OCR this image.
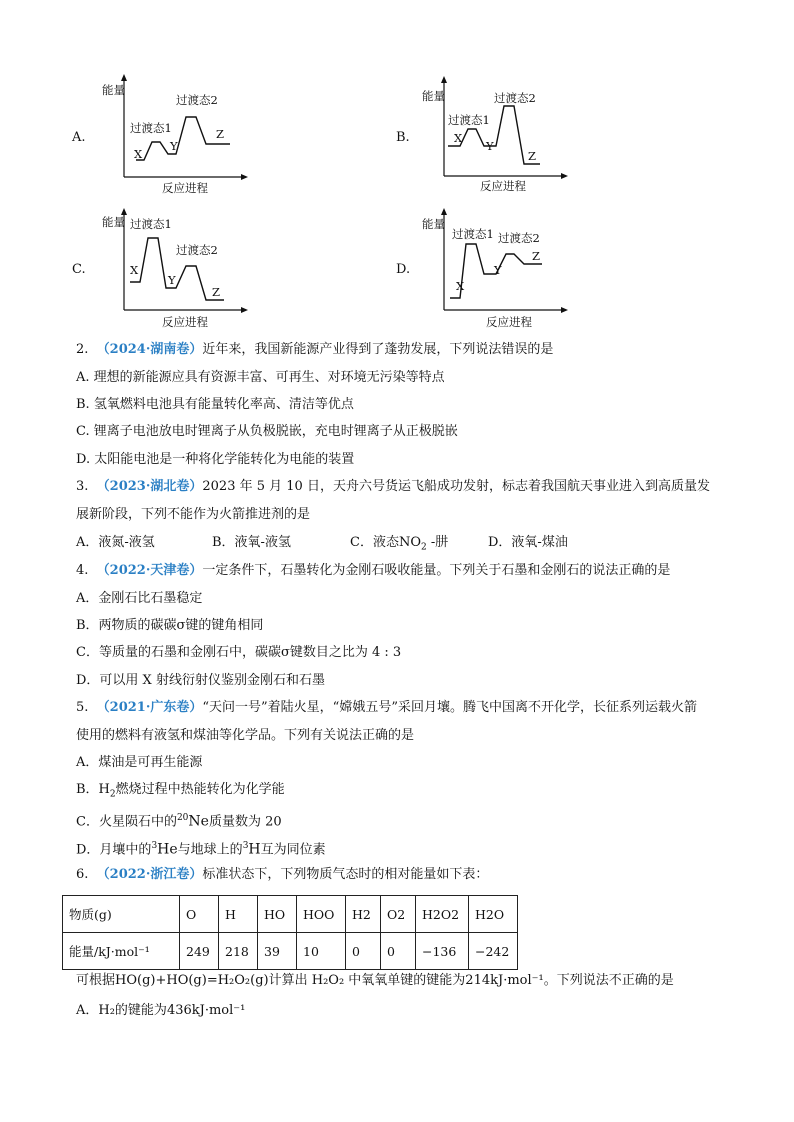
A.
能量
反应进程
过渡态1
过渡态2
X
Y
Z	B.
能量
反应进程
过渡态1
过渡态2
X
Y
Z
C.
能量
反应进程
过渡态1
过渡态2
X
Y
Z
D.
能量
反应进程
过渡态1 过渡态2
X
Y
Z
2. （2024·湖南卷）近年来，我国新能源产业得到了蓬勃发展，下列说法错误的是
A. 理想的新能源应具有资源丰富、可再生、对环境无污染等特点
B. 氢氧燃料电池具有能量转化率高、清洁等优点
C. 锂离子电池放电时锂离子从负极脱嵌，充电时锂离子从正极脱嵌
D. 太阳能电池是一种将化学能转化为电能的装置
3. （2023·湖北卷）2023 年 5 月 10 日，天舟六号货运飞船成功发射，标志着我国航天事业进入到高质量发
展新阶段，下列不能作为火箭推进剂的是
A．液氮-液氢	B．液氧-液氢	C．液态$NO_2$ -肼	D．液氧-煤油
4. （2022·天津卷）一定条件下，石墨转化为金刚石吸收能量。下列关于石墨和金刚石的说法正确的是
A．金刚石比石墨稳定
B．两物质的碳碳σ键的键角相同
C．等质量的石墨和金刚石中，碳碳σ键数目之比为 4 : 3
D．可以用 X 射线衍射仪鉴别金刚石和石墨
5. （2021·广东卷）“天问一号”着陆火星，“嫦娥五号”采回月壤。腾飞中国离不开化学，长征系列运载火箭
使用的燃料有液氢和煤油等化学品。下列有关说法正确的是
A．煤油是可再生能源
B．$H_2$燃烧过程中热能转化为化学能
C．火星陨石中的$^{20}$Ne质量数为 20
D．月壤中的$^3$He与地球上的$^3$H互为同位素
6. （2022·浙江卷）标准状态下，下列物质气态时的相对能量如下表：
物质(g)	O	H	HO	HOO	H2	O2	H2O2	H2O
能量/kJ·mol⁻¹	249	218	39	10	0	0	−136	−242
可根据HO(g)+HO(g)=H₂O₂(g)计算出 H₂O₂ 中氧氧单键的键能为214kJ·mol⁻¹。下列说法不正确的是
A．H₂的键能为436kJ·mol⁻¹
